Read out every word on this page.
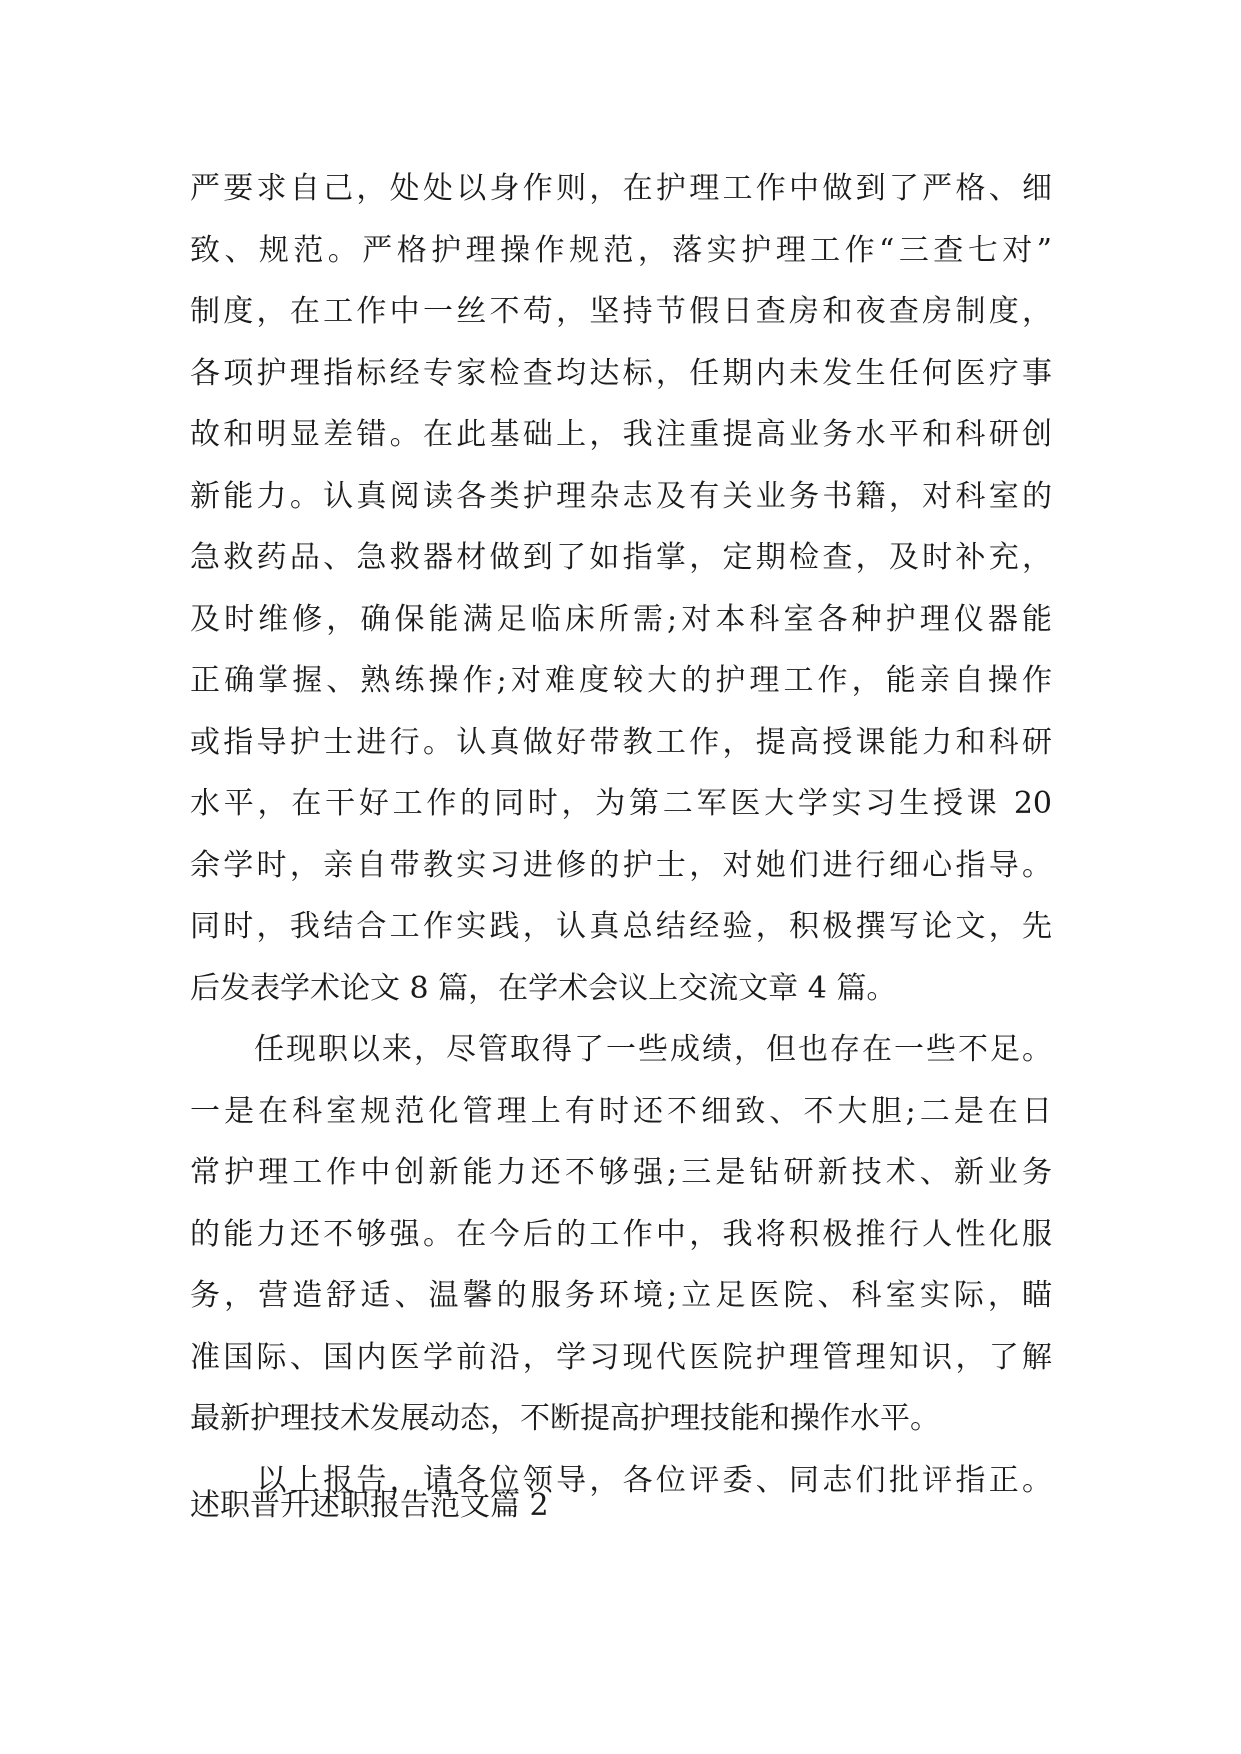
严要求自己，处处以身作则，在护理工作中做到了严格、细
致、规范。严格护理操作规范，落实护理工作“三查七对”
制度，在工作中一丝不苟，坚持节假日查房和夜查房制度，
各项护理指标经专家检查均达标，任期内未发生任何医疗事
故和明显差错。在此基础上，我注重提高业务水平和科研创
新能力。认真阅读各类护理杂志及有关业务书籍，对科室的
急救药品、急救器材做到了如指掌，定期检查，及时补充，
及时维修，确保能满足临床所需;对本科室各种护理仪器能
正确掌握、熟练操作;对难度较大的护理工作，能亲自操作
或指导护士进行。认真做好带教工作，提高授课能力和科研
水平，在干好工作的同时，为第二军医大学实习生授课 20
余学时，亲自带教实习进修的护士，对她们进行细心指导。
同时，我结合工作实践，认真总结经验，积极撰写论文，先
后发表学术论文 8 篇，在学术会议上交流文章 4 篇。
　　任现职以来，尽管取得了一些成绩，但也存在一些不足。
一是在科室规范化管理上有时还不细致、不大胆;二是在日
常护理工作中创新能力还不够强;三是钻研新技术、新业务
的能力还不够强。在今后的工作中，我将积极推行人性化服
务，营造舒适、温馨的服务环境;立足医院、科室实际，瞄
准国际、国内医学前沿，学习现代医院护理管理知识，了解
最新护理技术发展动态，不断提高护理技能和操作水平。
　　以上报告，请各位领导，各位评委、同志们批评指正。
述职晋升述职报告范文篇 2
